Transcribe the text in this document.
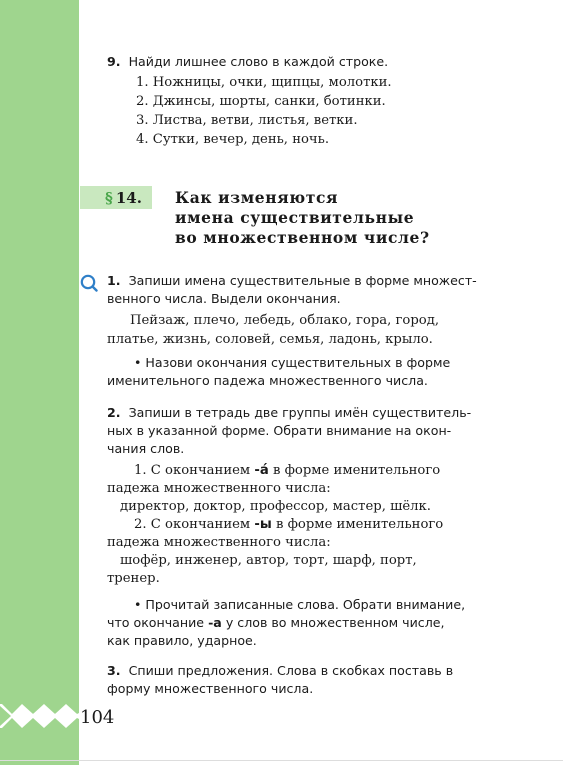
9. Найди лишнее слово в каждой строке.
1. Ножницы, очки, щипцы, молотки.
2. Джинсы, шорты, санки, ботинки.
3. Листва, ветви, листья, ветки.
4. Сутки, вечер, день, ночь.
§  14. Как изменяются
имена существительные
во множественном числе?
1. Запиши имена существительные в форме множест-
венного числа. Выдели окончания.
Пейзаж, плечо, лебедь, облако, гора, город,
платье, жизнь, соловей, семья, ладонь, крыло.
• Назови окончания существительных в форме
именительного падежа множественного числа.
2. Запиши в тетрадь две группы имён существитель-
ных в указанной форме. Обрати внимание на окон-
чания слов.
1. С окончанием -á в форме именительного
падежа множественного числа:
директор, доктор, профессор, мастер, шёлк.
2. С окончанием -ы в форме именительного
падежа множественного числа:
шофёр, инженер, автор, торт, шарф, порт,
тренер.
• Прочитай записанные слова. Обрати внимание,
что окончание -а у слов во множественном числе,
как правило, ударное.
3. Спиши предложения. Слова в скобках поставь в
форму множественного числа.
104
